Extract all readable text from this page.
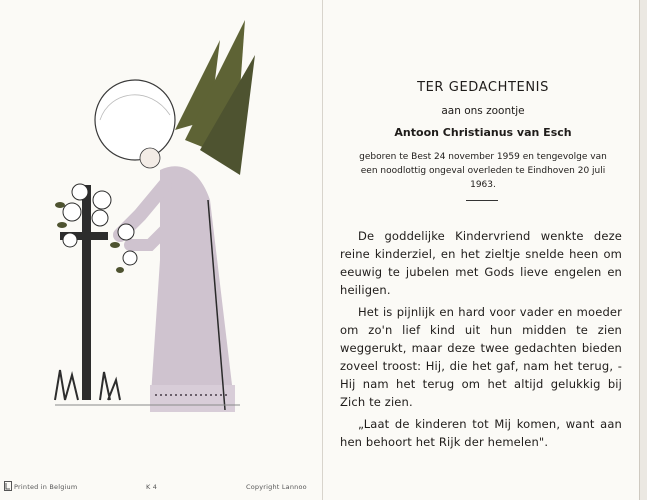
Printed in Belgium	K 4	Copyright Lannoo
TER GEDACHTENIS
aan ons zoontje
Antoon Christianus van Esch
geboren te Best 24 november 1959 en tengevolge van een noodlottig ongeval overleden te Eindhoven 20 juli 1963.

De goddelijke Kindervriend wenkte deze reine kinderziel, en het zieltje snelde heen om eeuwig te jubelen met Gods lieve engelen en heiligen.

Het is pijnlijk en hard voor vader en moeder om zo'n lief kind uit hun midden te zien weggerukt, maar deze twee gedachten bieden zoveel troost: Hij, die het gaf, nam het terug, - Hij nam het terug om het altijd gelukkig bij Zich te zien.

„Laat de kinderen tot Mij komen, want aan hen behoort het Rijk der hemelen".
